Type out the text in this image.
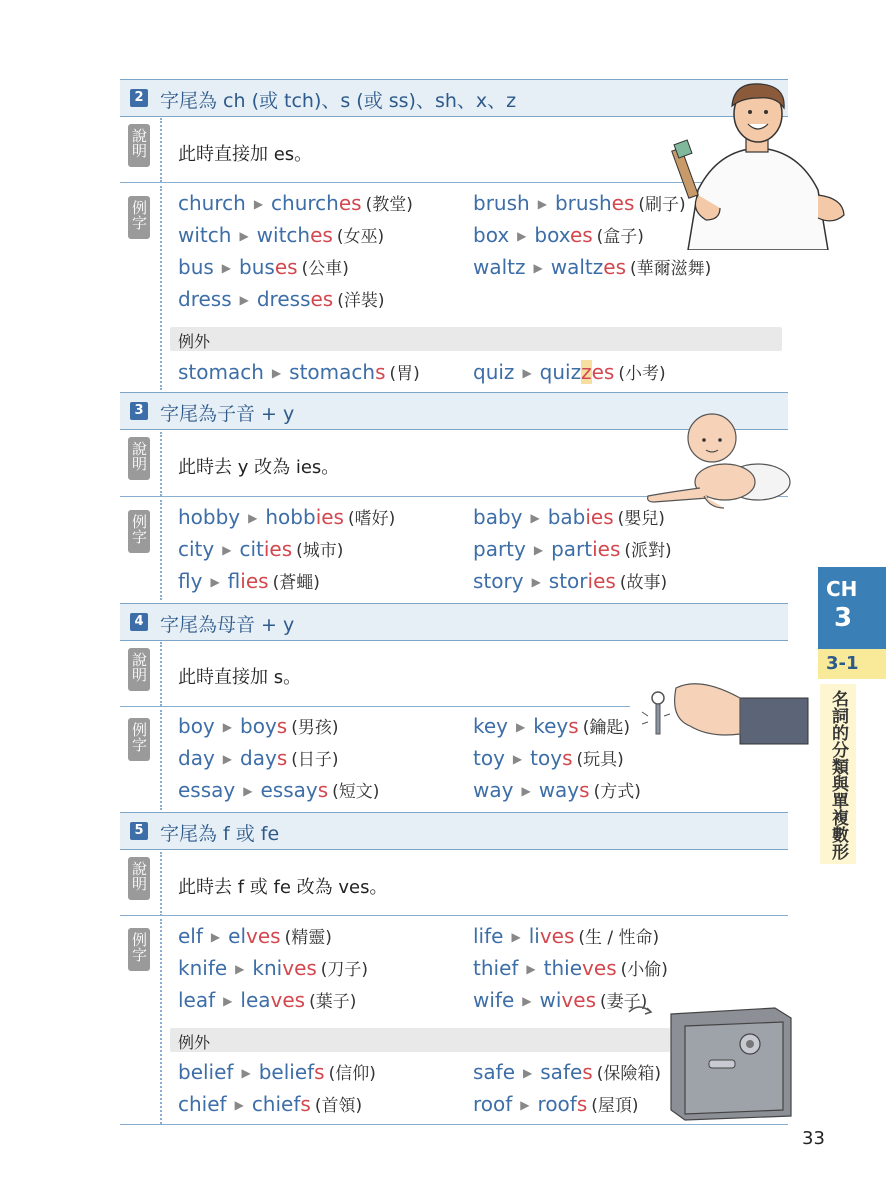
2 字尾為 ch (或 tch)、s (或 ss)、sh、x、z
說明 此時直接加 es。
例字 church ▶ churches (教堂)	brush ▶ brushes (刷子)
witch ▶ witches (女巫)	box ▶ boxes (盒子)
bus ▶ buses (公車)	waltz ▶ waltzes (華爾滋舞)
dress ▶ dresses (洋裝)
例外
stomach ▶ stomachs (胃)	quiz ▶ quizzes (小考)
3 字尾為子音 + y
說明 此時去 y 改為 ies。
例字 hobby ▶ hobbies (嗜好)	baby ▶ babies (嬰兒)
city ▶ cities (城市)	party ▶ parties (派對)
fly ▶ flies (蒼蠅)	story ▶ stories (故事)
4 字尾為母音 + y
說明 此時直接加 s。
例字 boy ▶ boys (男孩)	key ▶ keys (鑰匙)
day ▶ days (日子)	toy ▶ toys (玩具)
essay ▶ essays (短文)	way ▶ ways (方式)
5 字尾為 f 或 fe
說明 此時去 f 或 fe 改為 ves。
例字 elf ▶ elves (精靈)	life ▶ lives (生 / 性命)
knife ▶ knives (刀子)	thief ▶ thieves (小偷)
leaf ▶ leaves (葉子)	wife ▶ wives (妻子)
例外
belief ▶ beliefs (信仰)	safe ▶ safes (保險箱)
chief ▶ chiefs (首領)	roof ▶ roofs (屋頂)
CH
3
3-1
名詞的分類與單複數形
33
